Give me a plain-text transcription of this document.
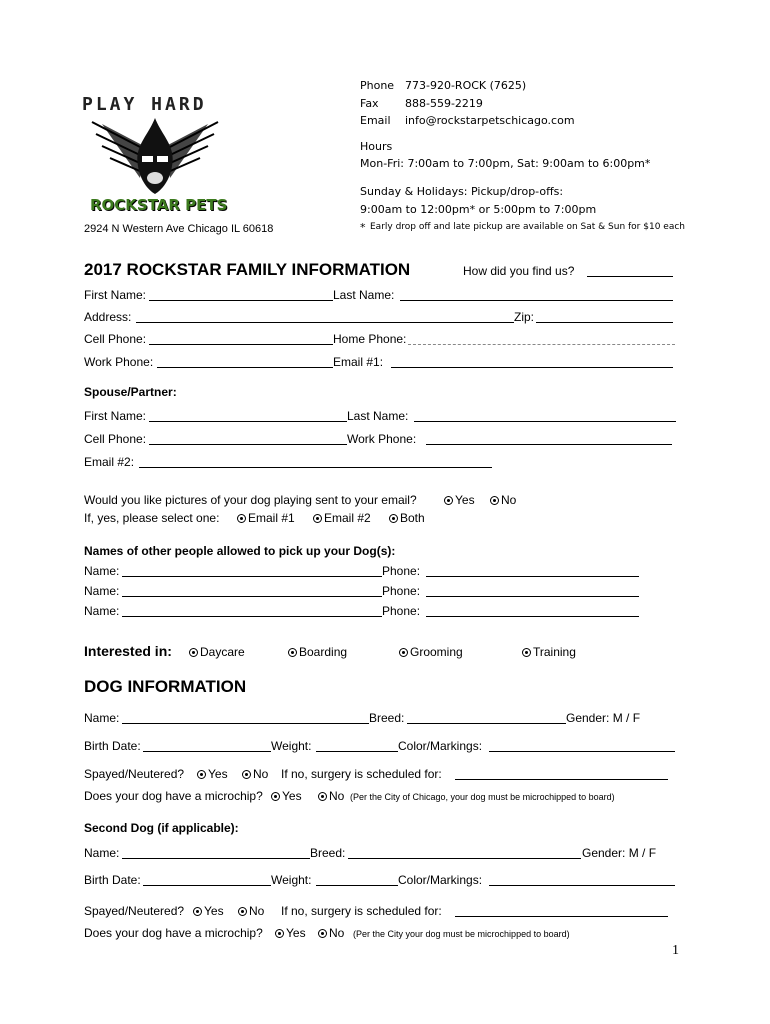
PLAY HARD
ROCKSTAR PETS
2924 N Western Ave Chicago IL 60618
Phone 773-920-ROCK (7625)
Fax 888-559-2219
Email info@rockstarpetschicago.com
Hours
Mon-Fri: 7:00am to 7:00pm, Sat: 9:00am to 6:00pm*
Sunday & Holidays: Pickup/drop-offs:
9:00am to 12:00pm* or 5:00pm to 7:00pm
* Early drop off and late pickup are available on Sat & Sun for $10 each
2017 ROCKSTAR FAMILY INFORMATION	How did you find us?
First Name:	Last Name:
Address:	Zip:
Cell Phone:	Home Phone:
Work Phone:	Email #1:
Spouse/Partner:
First Name:	Last Name:
Cell Phone:	Work Phone:
Email #2:
Would you like pictures of your dog playing sent to your email?	Yes	No
If, yes, please select one:	Email #1	Email #2	Both
Names of other people allowed to pick up your Dog(s):
Name:	Phone:
Name:	Phone:
Name:	Phone:
Interested in:	Daycare	Boarding	Grooming	Training
DOG INFORMATION
Name:	Breed:	Gender: M / F
Birth Date:	Weight:	Color/Markings:
Spayed/Neutered?	Yes	No If no, surgery is scheduled for:
Does your dog have a microchip?	Yes	No (Per the City of Chicago, your dog must be microchipped to board)
Second Dog (if applicable):
Name:	Breed:	Gender: M / F
Birth Date:	Weight:	Color/Markings:
Spayed/Neutered?	Yes	No If no, surgery is scheduled for:
Does your dog have a microchip?	Yes	No (Per the City your dog must be microchipped to board)
1
